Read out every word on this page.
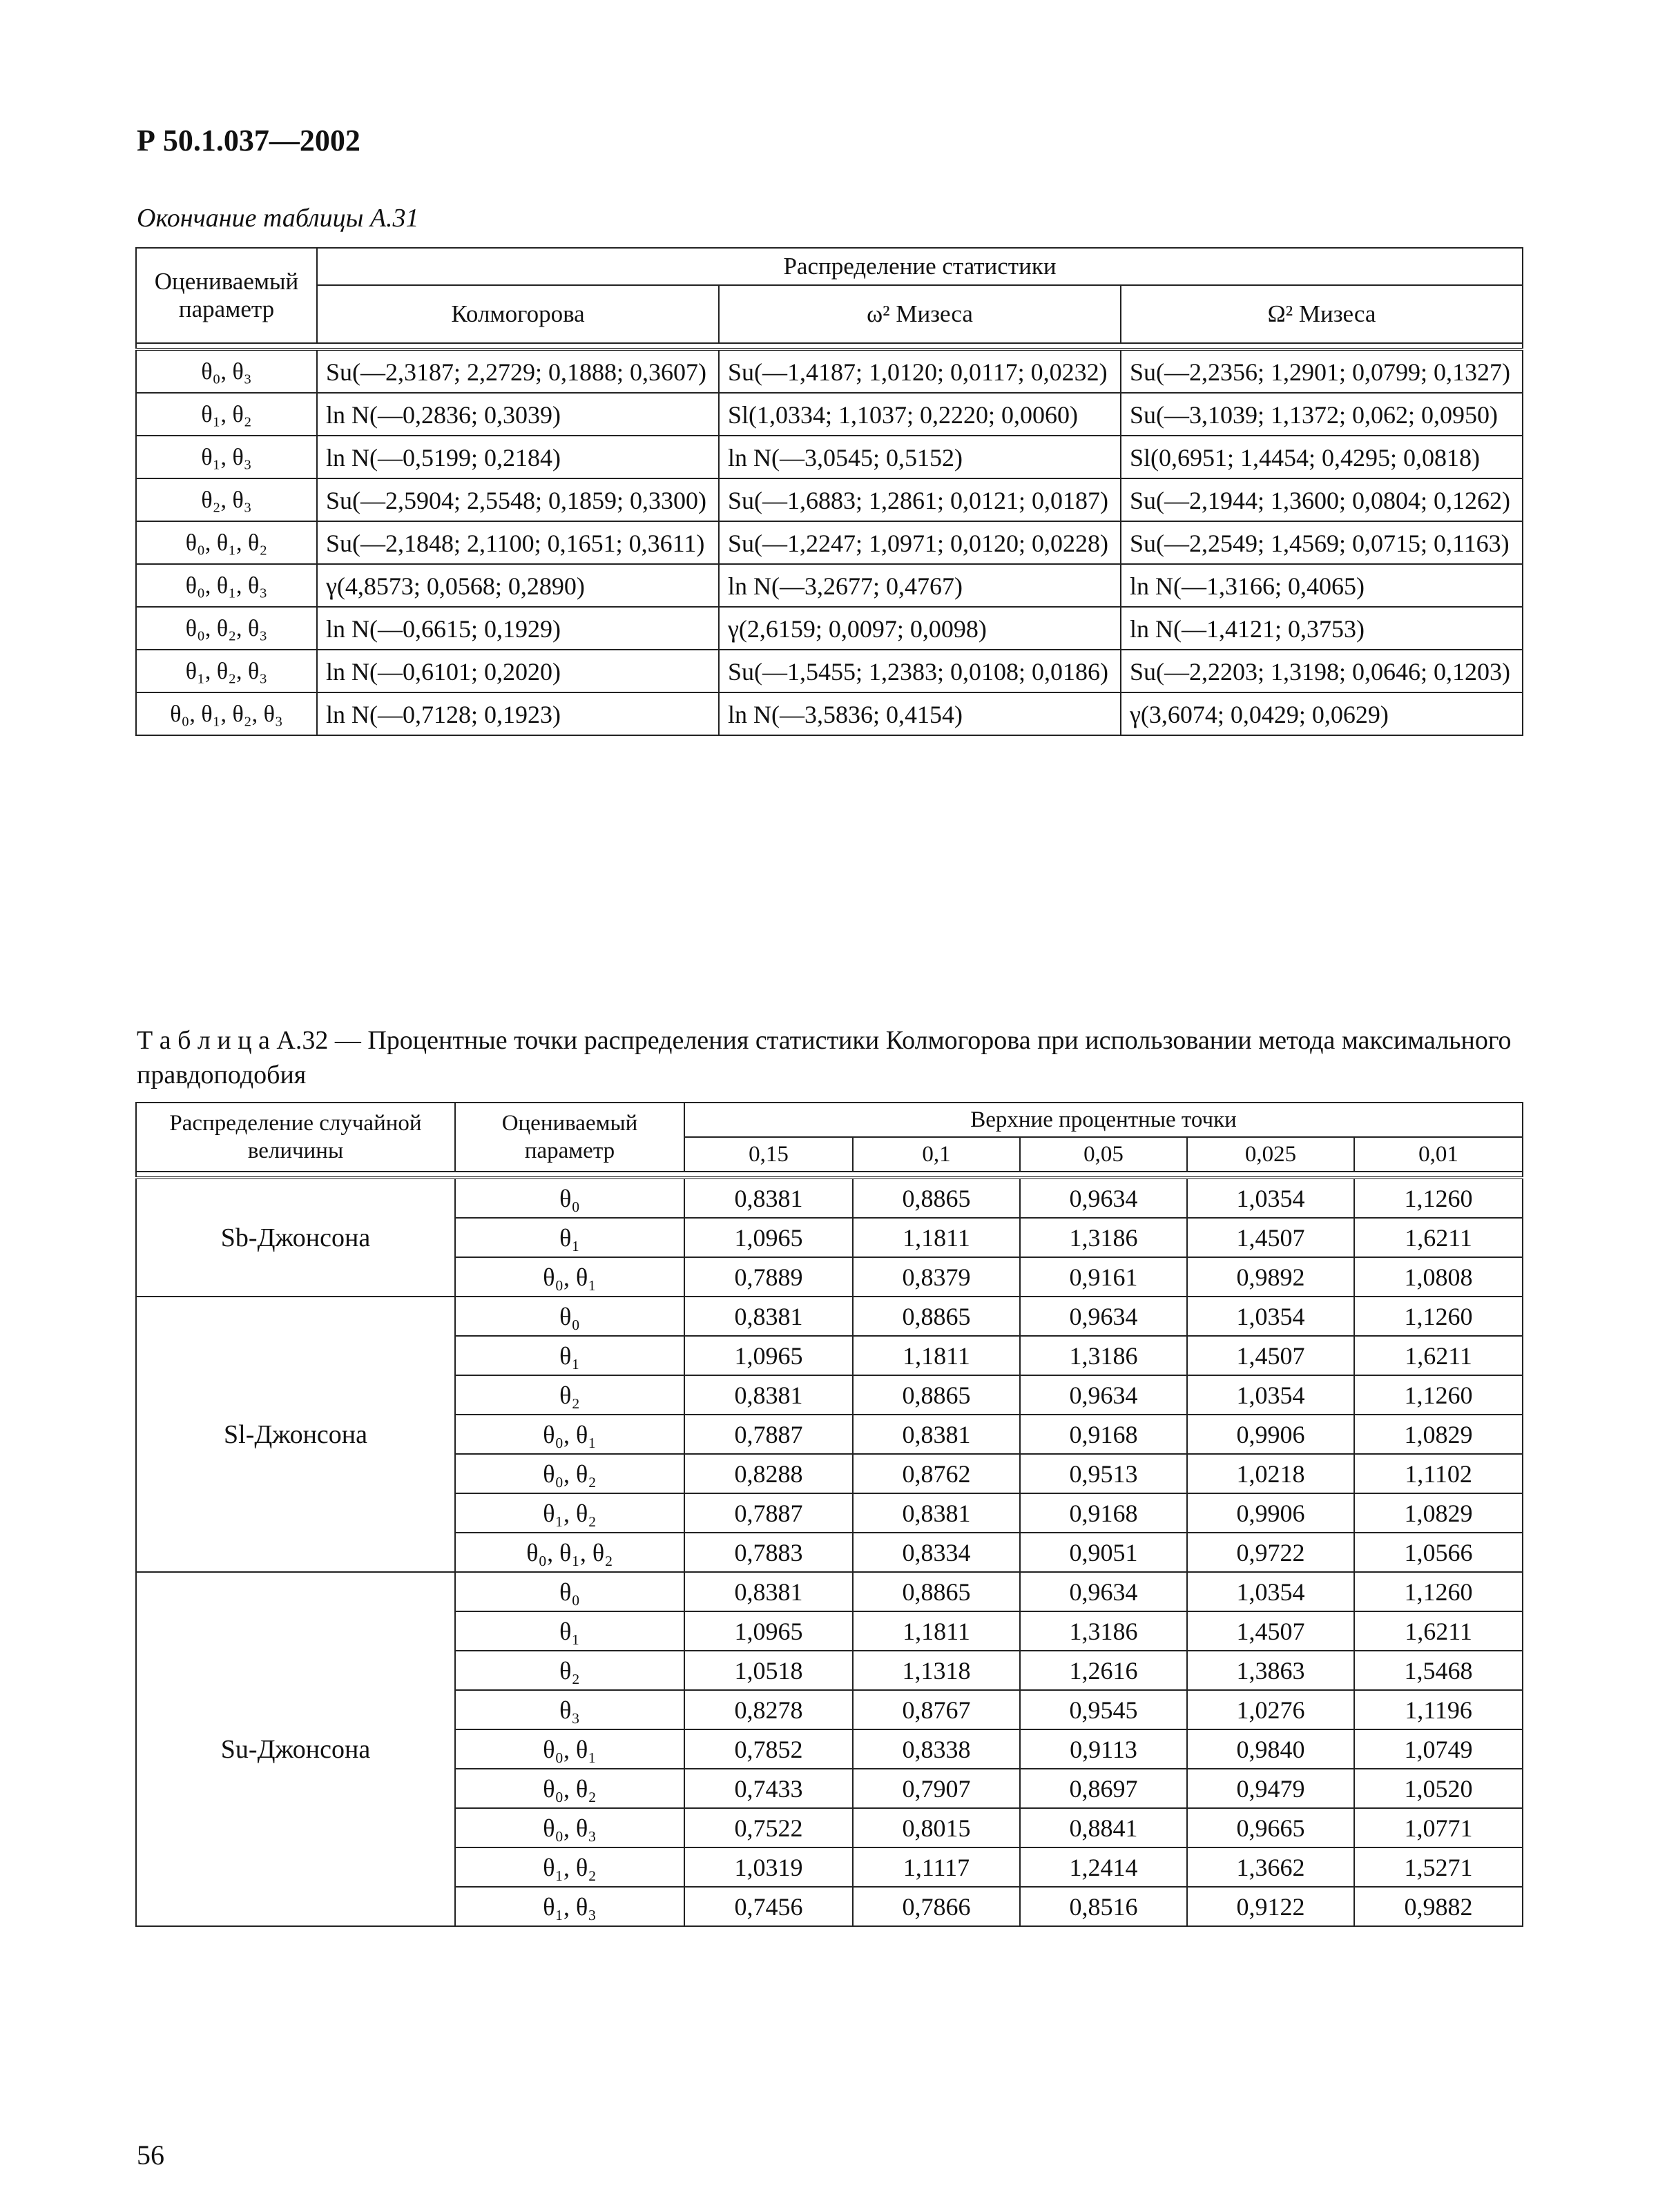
Р 50.1.037—2002
Окончание таблицы А.31
Оцениваемый параметр	Распределение статистики		
	Колмогорова	ω² Мизеса	Ω² Мизеса

θ₀, θ₃	Su(—2,3187; 2,2729; 0,1888; 0,3607)	Su(—1,4187; 1,0120; 0,0117; 0,0232)	Su(—2,2356; 1,2901; 0,0799; 0,1327)
θ₁, θ₂	ln N(—0,2836; 0,3039)	Sl(1,0334; 1,1037; 0,2220; 0,0060)	Su(—3,1039; 1,1372; 0,062; 0,0950)
θ₁, θ₃	ln N(—0,5199; 0,2184)	ln N(—3,0545; 0,5152)	Sl(0,6951; 1,4454; 0,4295; 0,0818)
θ₂, θ₃	Su(—2,5904; 2,5548; 0,1859; 0,3300)	Su(—1,6883; 1,2861; 0,0121; 0,0187)	Su(—2,1944; 1,3600; 0,0804; 0,1262)
θ₀, θ₁, θ₂	Su(—2,1848; 2,1100; 0,1651; 0,3611)	Su(—1,2247; 1,0971; 0,0120; 0,0228)	Su(—2,2549; 1,4569; 0,0715; 0,1163)
θ₀, θ₁, θ₃	γ(4,8573; 0,0568; 0,2890)	ln N(—3,2677; 0,4767)	ln N(—1,3166; 0,4065)
θ₀, θ₂, θ₃	ln N(—0,6615; 0,1929)	γ(2,6159; 0,0097; 0,0098)	ln N(—1,4121; 0,3753)
θ₁, θ₂, θ₃	ln N(—0,6101; 0,2020)	Su(—1,5455; 1,2383; 0,0108; 0,0186)	Su(—2,2203; 1,3198; 0,0646; 0,1203)
θ₀, θ₁, θ₂, θ₃	ln N(—0,7128; 0,1923)	ln N(—3,5836; 0,4154)	γ(3,6074; 0,0429; 0,0629)
Т а б л и ц а А.32 — Процентные точки распределения статистики Колмогорова при использовании метода максимального правдоподобия
Распределение случайной величины	Оцениваемый параметр	Верхние процентные точки				
		0,15	0,1	0,05	0,025	0,01

Sb-Джонсона	θ₀	0,8381	0,8865	0,9634	1,0354	1,1260
	θ₁	1,0965	1,1811	1,3186	1,4507	1,6211
	θ₀, θ₁	0,7889	0,8379	0,9161	0,9892	1,0808
Sl-Джонсона	θ₀	0,8381	0,8865	0,9634	1,0354	1,1260
	θ₁	1,0965	1,1811	1,3186	1,4507	1,6211
	θ₂	0,8381	0,8865	0,9634	1,0354	1,1260
	θ₀, θ₁	0,7887	0,8381	0,9168	0,9906	1,0829
	θ₀, θ₂	0,8288	0,8762	0,9513	1,0218	1,1102
	θ₁, θ₂	0,7887	0,8381	0,9168	0,9906	1,0829
	θ₀, θ₁, θ₂	0,7883	0,8334	0,9051	0,9722	1,0566
Su-Джонсона	θ₀	0,8381	0,8865	0,9634	1,0354	1,1260
	θ₁	1,0965	1,1811	1,3186	1,4507	1,6211
	θ₂	1,0518	1,1318	1,2616	1,3863	1,5468
	θ₃	0,8278	0,8767	0,9545	1,0276	1,1196
	θ₀, θ₁	0,7852	0,8338	0,9113	0,9840	1,0749
	θ₀, θ₂	0,7433	0,7907	0,8697	0,9479	1,0520
	θ₀, θ₃	0,7522	0,8015	0,8841	0,9665	1,0771
	θ₁, θ₂	1,0319	1,1117	1,2414	1,3662	1,5271
	θ₁, θ₃	0,7456	0,7866	0,8516	0,9122	0,9882
56
